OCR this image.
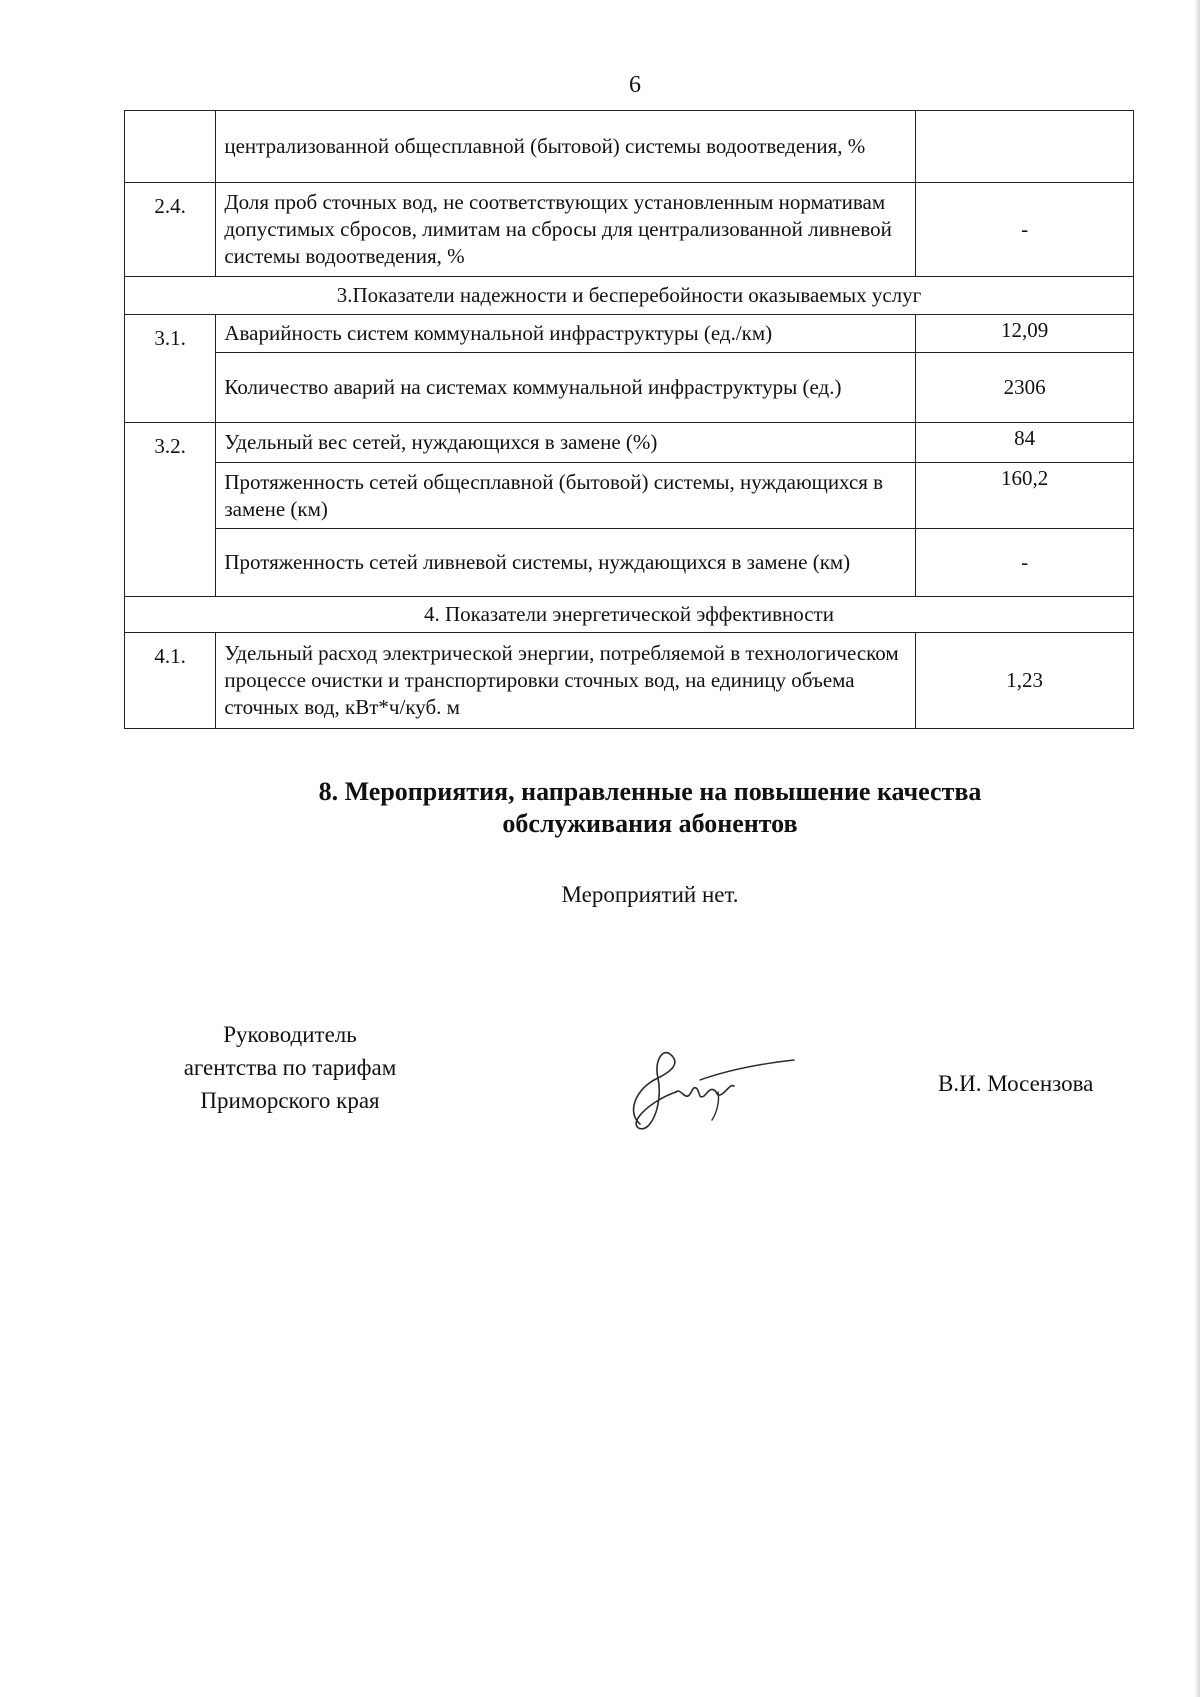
6
	централизованной общесплавной (бытовой) системы водоотведения, %	
2.4.	Доля проб сточных вод, не соответствующих установленным нормативам допустимых сбросов, лимитам на сбросы для централизованной ливневой системы водоотведения, %	-
3.Показатели надежности и бесперебойности оказываемых услуг		
3.1.	Аварийность систем коммунальной инфраструктуры (ед./км)	12,09
	Количество аварий на системах коммунальной инфраструктуры (ед.)	2306
3.2.	Удельный вес сетей, нуждающихся в замене (%)	84
	Протяженность сетей общесплавной (бытовой) системы, нуждающихся в замене (км)	160,2
	Протяженность сетей ливневой системы, нуждающихся в замене (км)	-
4. Показатели энергетической эффективности		
4.1.	Удельный расход электрической энергии, потребляемой в технологическом процессе очистки и транспортировки сточных вод, на единицу объема сточных вод, кВт*ч/куб. м	1,23
8. Мероприятия, направленные на повышение качества
обслуживания абонентов
Мероприятий нет.
Руководитель
агентства по тарифам
Приморского края
В.И. Мосензова
